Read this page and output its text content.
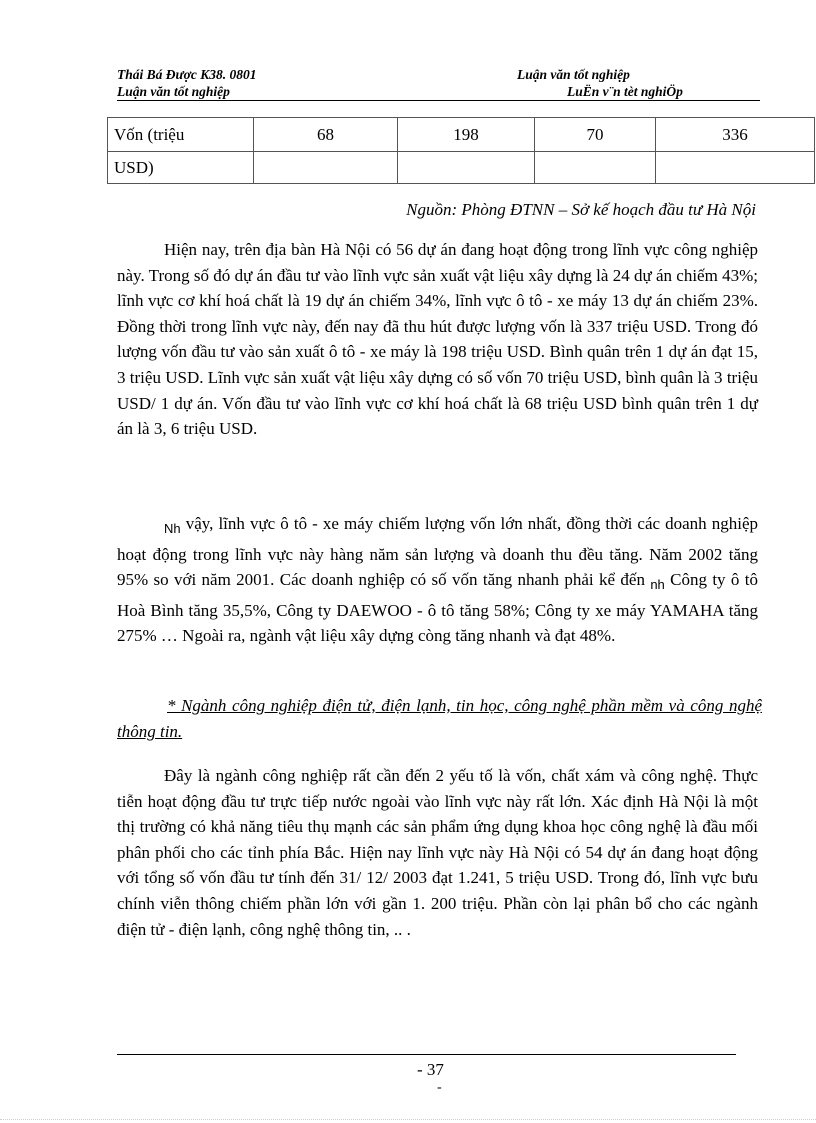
Thái Bá Được K38. 0801	Luận văn tốt nghiệp
Luận văn tốt nghiệp	LuËn v¨n tèt nghiÖp
Vốn (triệu	68	198	70	336
USD)				
Nguồn: Phòng ĐTNN – Sở kế hoạch đầu tư Hà Nội
Hiện nay, trên địa bàn Hà Nội có 56 dự án đang hoạt động trong lĩnh vực công nghiệp này. Trong số đó dự án đầu tư vào lĩnh vực sản xuất vật liệu xây dựng là 24 dự án chiếm 43%; lĩnh vực cơ khí hoá chất là 19 dự án chiếm 34%, lĩnh vực ô tô - xe máy 13 dự án chiếm 23%. Đồng thời trong lĩnh vực này, đến nay đã thu hút được lượng vốn là 337 triệu USD. Trong đó lượng vốn đầu tư vào sản xuất ô tô - xe máy là 198 triệu USD. Bình quân trên 1 dự án đạt 15, 3 triệu USD. Lĩnh vực sản xuất vật liệu xây dựng có số vốn 70 triệu USD, bình quân là 3 triệu USD/ 1 dự án. Vốn đầu tư vào lĩnh vực cơ khí hoá chất là 68 triệu USD bình quân trên 1 dự án là 3, 6 triệu USD.
$_{Nh}$ vậy, lĩnh vực ô tô - xe máy chiếm lượng vốn lớn nhất, đồng thời các doanh nghiệp hoạt động trong lĩnh vực này hàng năm sản lượng và doanh thu đều tăng. Năm 2002 tăng 95% so với năm 2001. Các doanh nghiệp có số vốn tăng nhanh phải kể đến $_{nh}$ Công ty ô tô Hoà Bình tăng 35,5%, Công ty DAEWOO - ô tô tăng 58%; Công ty xe máy YAMAHA tăng 275% … Ngoài ra, ngành vật liệu xây dựng còng tăng nhanh và đạt 48%.
* Ngành công nghiệp điện tử, điện lạnh, tin học, công nghệ phần mềm và công nghệ thông tin.
Đây là ngành công nghiệp rất cần đến 2 yếu tố là vốn, chất xám và công nghệ. Thực tiễn hoạt động đầu tư trực tiếp nước ngoài vào lĩnh vực này rất lớn. Xác định Hà Nội là một thị trường có khả năng tiêu thụ mạnh các sản phẩm ứng dụng khoa học công nghệ là đầu mối phân phối cho các tỉnh phía Bắc. Hiện nay lĩnh vực này Hà Nội có 54 dự án đang hoạt động với tổng số vốn đầu tư tính đến 31/ 12/ 2003 đạt 1.241, 5 triệu USD. Trong đó, lĩnh vực bưu chính viễn thông chiếm phần lớn với gần 1. 200 triệu. Phần còn lại phân bổ cho các ngành điện tử - điện lạnh, công nghệ thông tin, .. .
- 37
-
